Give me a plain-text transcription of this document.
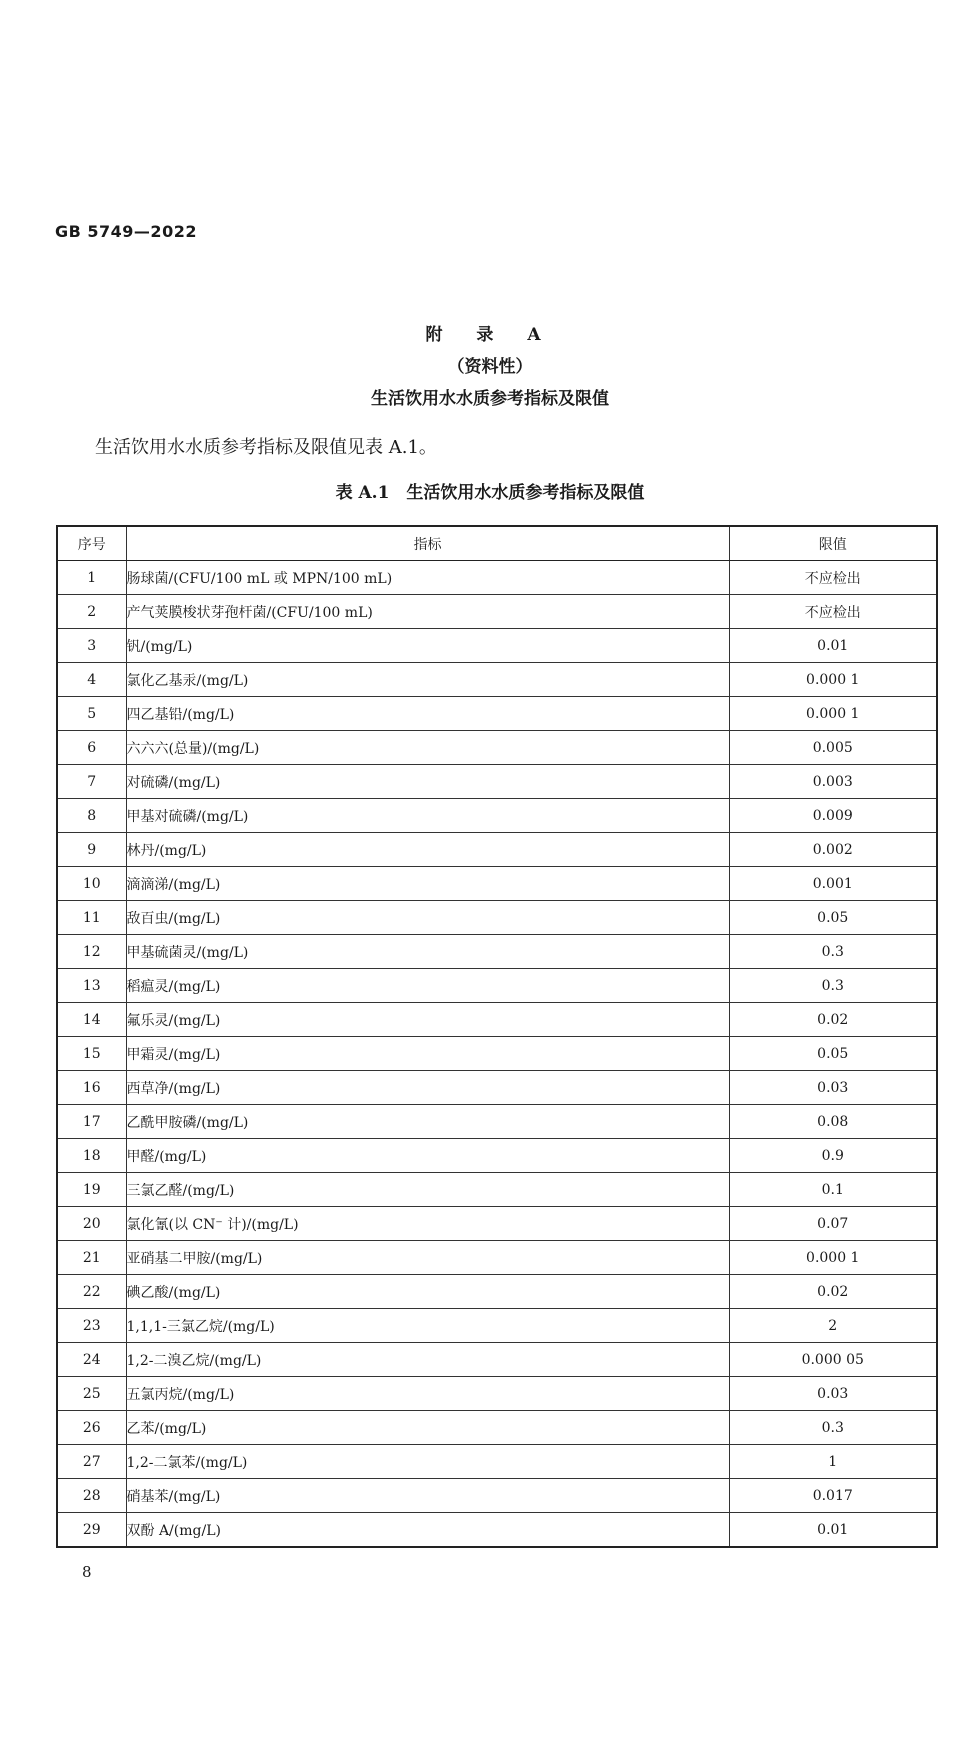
GB 5749—2022
附 录 A
（资料性）
生活饮用水水质参考指标及限值
生活饮用水水质参考指标及限值见表 A.1。
表 A.1　生活饮用水水质参考指标及限值
序号	指标	限值
1	肠球菌/(CFU/100 mL 或 MPN/100 mL)	不应检出
2	产气荚膜梭状芽孢杆菌/(CFU/100 mL)	不应检出
3	钒/(mg/L)	0.01
4	氯化乙基汞/(mg/L)	0.000 1
5	四乙基铅/(mg/L)	0.000 1
6	六六六(总量)/(mg/L)	0.005
7	对硫磷/(mg/L)	0.003
8	甲基对硫磷/(mg/L)	0.009
9	林丹/(mg/L)	0.002
10	滴滴涕/(mg/L)	0.001
11	敌百虫/(mg/L)	0.05
12	甲基硫菌灵/(mg/L)	0.3
13	稻瘟灵/(mg/L)	0.3
14	氟乐灵/(mg/L)	0.02
15	甲霜灵/(mg/L)	0.05
16	西草净/(mg/L)	0.03
17	乙酰甲胺磷/(mg/L)	0.08
18	甲醛/(mg/L)	0.9
19	三氯乙醛/(mg/L)	0.1
20	氯化氰(以 CN⁻ 计)/(mg/L)	0.07
21	亚硝基二甲胺/(mg/L)	0.000 1
22	碘乙酸/(mg/L)	0.02
23	1,1,1-三氯乙烷/(mg/L)	2
24	1,2-二溴乙烷/(mg/L)	0.000 05
25	五氯丙烷/(mg/L)	0.03
26	乙苯/(mg/L)	0.3
27	1,2-二氯苯/(mg/L)	1
28	硝基苯/(mg/L)	0.017
29	双酚 A/(mg/L)	0.01
8
